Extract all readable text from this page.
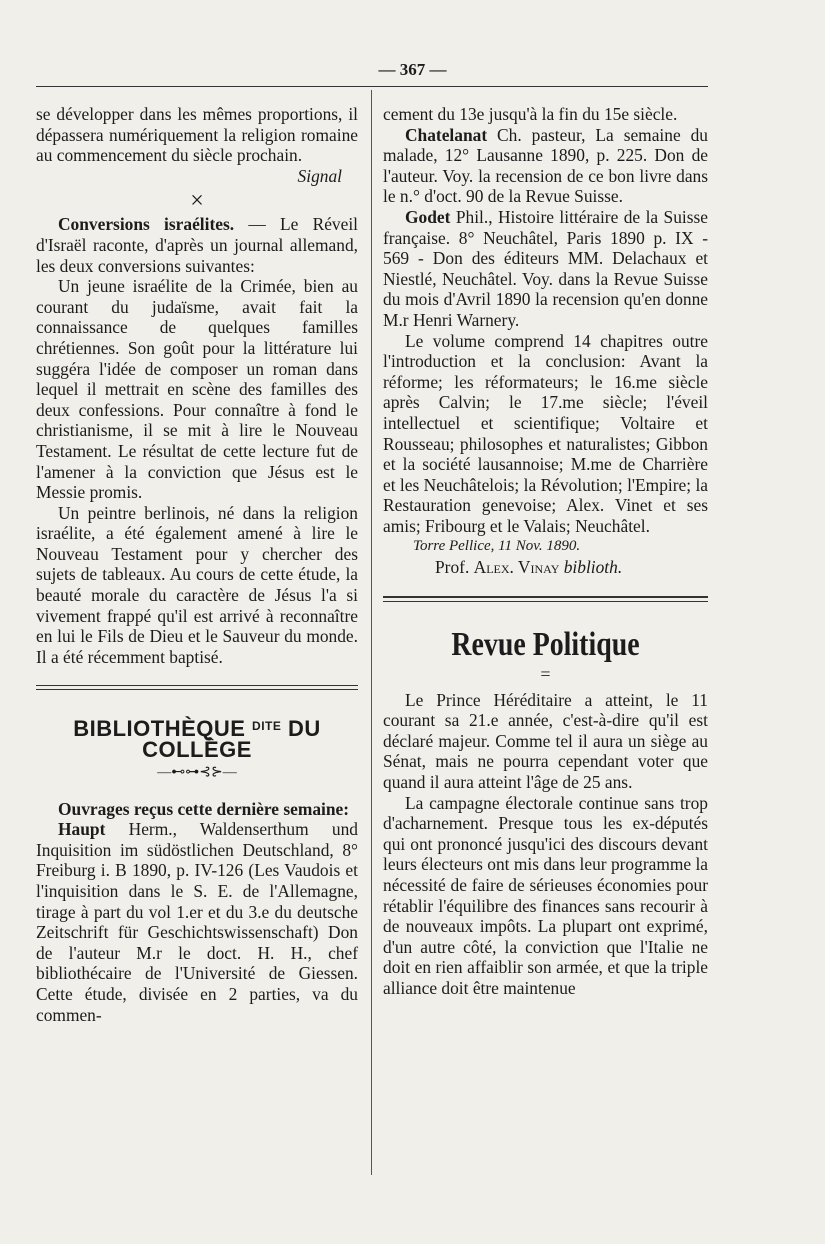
— 367 —

se développer dans les mêmes proportions, il dépassera numériquement la religion romaine au commencement du siècle prochain.

Signal

×

Conversions israélites. — Le Réveil d'Israël raconte, d'après un journal allemand, les deux conversions suivantes:

Un jeune israélite de la Crimée, bien au courant du judaïsme, avait fait la connaissance de quelques familles chrétiennes. Son goût pour la littérature lui suggéra l'idée de composer un roman dans lequel il mettrait en scène des familles des deux confessions. Pour connaître à fond le christianisme, il se mit à lire le Nouveau Testament. Le résultat de cette lecture fut de l'amener à la conviction que Jésus est le Messie promis.

Un peintre berlinois, né dans la religion israélite, a été également amené à lire le Nouveau Testament pour y chercher des sujets de tableaux. Au cours de cette étude, la beauté morale du caractère de Jésus l'a si vivement frappé qu'il est arrivé à reconnaître en lui le Fils de Dieu et le Sauveur du monde. Il a été récemment baptisé.

BIBLIOTHÈQUE $^{DITE}$ DU COLLÈGE
—⊷⊶⊰⊱—

Ouvrages reçus cette dernière semaine:

Haupt Herm., Waldenserthum und Inquisition im südöstlichen Deutschland, 8° Freiburg i. B 1890, p. IV-126 (Les Vaudois et l'inquisition dans le S. E. de l'Allemagne, tirage à part du vol 1.er et du 3.e du deutsche Zeitschrift für Geschichtswissenschaft) Don de l'auteur M.r le doct. H. H., chef bibliothécaire de l'Université de Giessen. Cette étude, divisée en 2 parties, va du commen-

cement du 13e jusqu'à la fin du 15e siècle.

Chatelanat Ch. pasteur, La semaine du malade, 12° Lausanne 1890, p. 225. Don de l'auteur. Voy. la recension de ce bon livre dans le n.° d'oct. 90 de la Revue Suisse.

Godet Phil., Histoire littéraire de la Suisse française. 8° Neuchâtel, Paris 1890 p. IX - 569 - Don des éditeurs MM. Delachaux et Niestlé, Neuchâtel. Voy. dans la Revue Suisse du mois d'Avril 1890 la recension qu'en donne M.r Henri Warnery.

Le volume comprend 14 chapitres outre l'introduction et la conclusion: Avant la réforme; les réformateurs; le 16.me siècle après Calvin; le 17.me siècle; l'éveil intellectuel et scientifique; Voltaire et Rousseau; philosophes et naturalistes; Gibbon et la société lausannoise; M.me de Charrière et les Neuchâtelois; la Révolution; l'Empire; la Restauration genevoise; Alex. Vinet et ses amis; Fribourg et le Valais; Neuchâtel.

Torre Pellice, 11 Nov. 1890.

Prof. Alex. Vinay biblioth.

Revue Politique
=

Le Prince Héréditaire a atteint, le 11 courant sa 21.e année, c'est-à-dire qu'il est déclaré majeur. Comme tel il aura un siège au Sénat, mais ne pourra cependant voter que quand il aura atteint l'âge de 25 ans.

La campagne électorale continue sans trop d'acharnement. Presque tous les ex-députés qui ont prononcé jusqu'ici des discours devant leurs électeurs ont mis dans leur programme la nécessité de faire de sérieuses économies pour rétablir l'équilibre des finances sans recourir à de nouveaux impôts. La plupart ont exprimé, d'un autre côté, la conviction que l'Italie ne doit en rien affaiblir son armée, et que la triple alliance doit être maintenue
